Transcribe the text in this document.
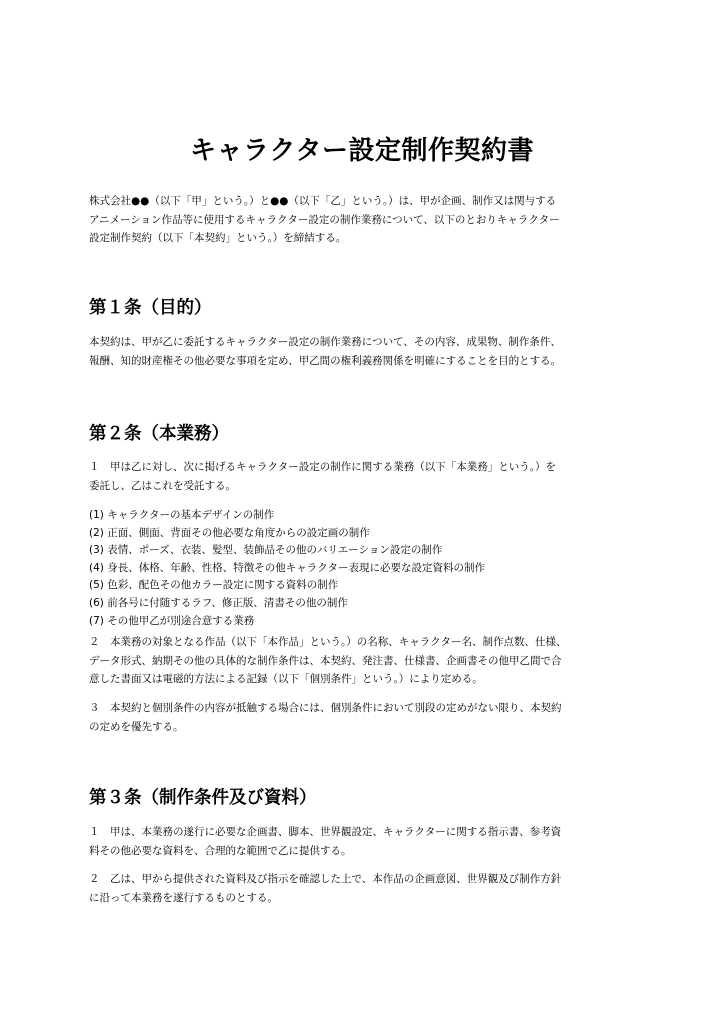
キャラクター設定制作契約書

株式会社●●（以下「甲」という。）と●●（以下「乙」という。）は、甲が企画、制作又は関与する
アニメーション作品等に使用するキャラクター設定の制作業務について、以下のとおりキャラクター
設定制作契約（以下「本契約」という。）を締結する。

第１条（目的）

本契約は、甲が乙に委託するキャラクター設定の制作業務について、その内容、成果物、制作条件、
報酬、知的財産権その他必要な事項を定め、甲乙間の権利義務関係を明確にすることを目的とする。

第２条（本業務）

１　甲は乙に対し、次に掲げるキャラクター設定の制作に関する業務（以下「本業務」という。）を
委託し、乙はこれを受託する。

(1) キャラクターの基本デザインの制作
(2) 正面、側面、背面その他必要な角度からの設定画の制作
(3) 表情、ポーズ、衣装、髪型、装飾品その他のバリエーション設定の制作
(4) 身長、体格、年齢、性格、特徴その他キャラクター表現に必要な設定資料の制作
(5) 色彩、配色その他カラー設定に関する資料の制作
(6) 前各号に付随するラフ、修正版、清書その他の制作
(7) その他甲乙が別途合意する業務

２　本業務の対象となる作品（以下「本作品」という。）の名称、キャラクター名、制作点数、仕様、
データ形式、納期その他の具体的な制作条件は、本契約、発注書、仕様書、企画書その他甲乙間で合
意した書面又は電磁的方法による記録（以下「個別条件」という。）により定める。

３　本契約と個別条件の内容が抵触する場合には、個別条件において別段の定めがない限り、本契約
の定めを優先する。

第３条（制作条件及び資料）

１　甲は、本業務の遂行に必要な企画書、脚本、世界観設定、キャラクターに関する指示書、参考資
料その他必要な資料を、合理的な範囲で乙に提供する。

２　乙は、甲から提供された資料及び指示を確認した上で、本作品の企画意図、世界観及び制作方針
に沿って本業務を遂行するものとする。
